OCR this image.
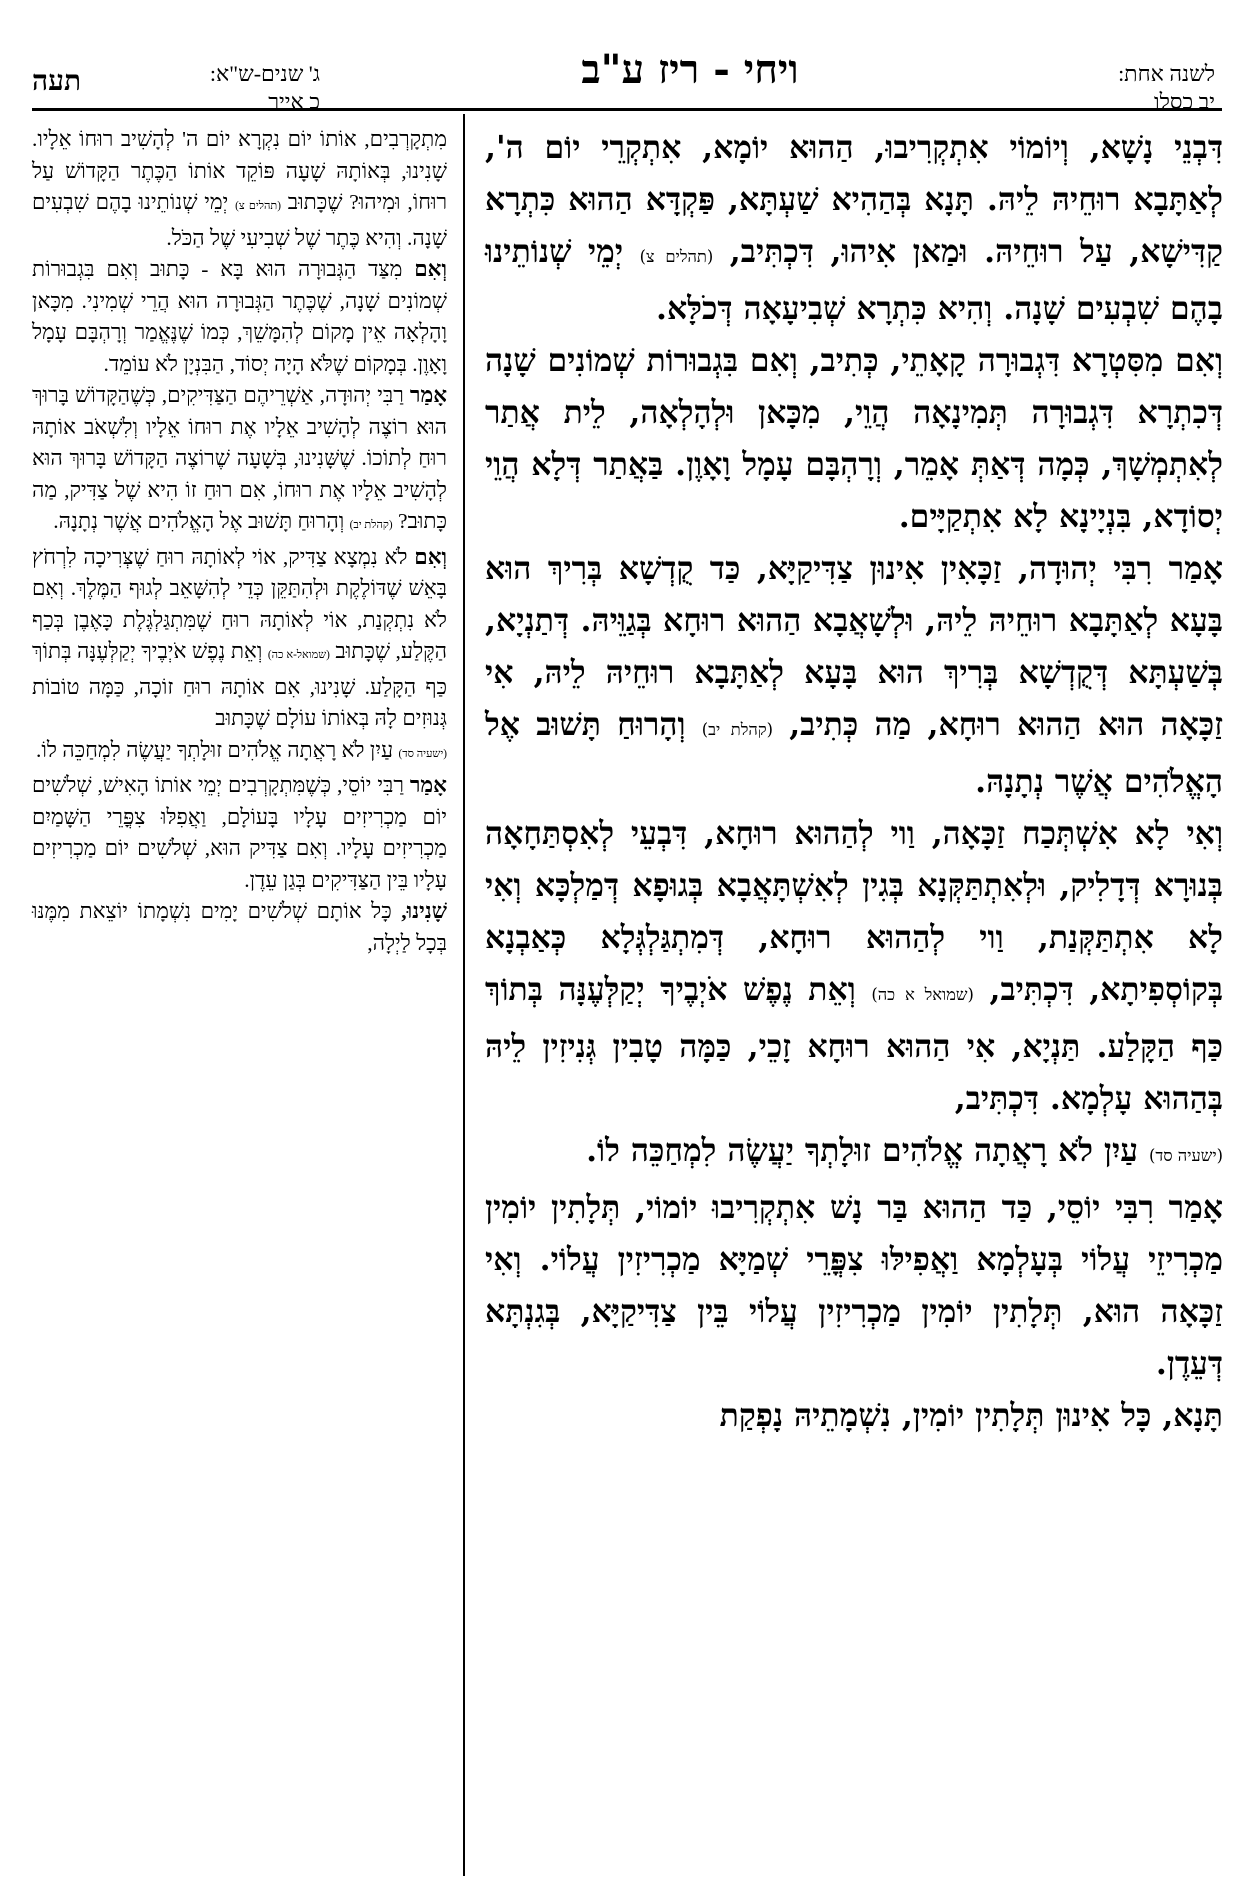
לשנה אחת:
יב כסלו
ויחי - ריז ע"ב
ג' שנים-ש"א:
כ אייר
תעה

דִּבְנֵי נָשָׁא, וְיוֹמוֹי אִתְקְרִיבוּ, הַהוּא יוֹמָא, אִתְקְרֵי יוֹם ה', לְאַתָּבָא רוּחֵיהּ לֵיהּ. תָּנָא בְּהַהִיא שַׁעְתָּא, פַּקְדָּא הַהוּא כִּתְרָא קַדִּישָׁא, עַל רוּחֵיהּ. וּמַאן אִיהוּ, דִּכְתִּיב, (תהלים צ) יְמֵי שְׁנוֹתֵינוּ בָהֶם שִׁבְעִים שָׁנָה. וְהִיא כִּתְרָא שְׁבִיעָאָה דְּכֹלָּא.

וְאִם מִסִּטְרָא דִּגְבוּרָה קָאָתֵי, כְּתִיב, וְאִם בִּגְבוּרוֹת שְׁמוֹנִים שָׁנָה דְּכִתְרָא דִּגְבוּרָה תְּמִינָאָה הֲוֵי, מִכָּאן וּלְהָלְאָה, לֵית אֲתַר לְאִתְמְשָׁךְ, כְּמָה דְּאַתְּ אָמֵר, וְרָהְבָּם עָמָל וָאָוֶן. בַּאֲתַר דְּלָא הֲוֵי יְסוֹדָא, בִּנְיָינָא לָא אִתְקַיָּים.

אָמַר רִבִּי יְהוּדָה, זַכָּאִין אִינוּן צַדִּיקַיָּא, כַּד קֻדְשָׁא בְּרִיךְ הוּא בָּעָא לְאַתָּבָא רוּחֵיהּ לֵיהּ, וּלְשָׁאֲבָא הַהוּא רוּחָא בְּגַוֵּיהּ. דְּתַנְיָא, בְּשַׁעְתָּא דְּקֻדְשָׁא בְּרִיךְ הוּא בָּעָא לְאַתָּבָא רוּחֵיהּ לֵיהּ, אִי זַכָּאָה הוּא הַהוּא רוּחָא, מַה כְּתִיב, (קהלת יב) וְהָרוּחַ תָּשׁוּב אֶל הָאֱלֹהִים אֲשֶׁר נְתָנָהּ.

וְאִי לָא אִשְׁתְּכַח זַכָּאָה, וַוי לְהַהוּא רוּחָא, דִּבְעֵי לְאִסְתַּחָאָה בְּנוּרָא דְּדָלִיק, וּלְאִתְתַּקְּנָא בְּגִין לְאִשְׁתָּאֲבָא בְּגוּפָא דְּמַלְכָּא וְאִי לָא אִתְתַּקְּנַת, וַוי לְהַהוּא רוּחָא, דְּמִתְגַּלְגְּלָא כְּאַבְנָא בְּקוֹסְפִיתָא, דִּכְתִּיב, (שמואל א כה) וְאֵת נֶפֶשׁ אֹיְבֶיךָ יְקַלְּעֶנָּה בְּתוֹךְ כַּף הַקָּלַע. תַּנְיָא, אִי הַהוּא רוּחָא זָכֵי, כַּמָּה טָבִין גְּנִיזִין לֵיהּ בְּהַהוּא עָלְמָא. דִּכְתִּיב,

(ישעיה סד) עַיִן לֹא רָאֲתָה אֱלֹהִים זוּלָתְךָ יַעֲשֶׂה לִמְחַכֵּה לוֹ.

אָמַר רִבִּי יוֹסֵי, כַּד הַהוּא בַּר נָשׁ אִתְקְרִיבוּ יוֹמוֹי, תְּלָתִין יוֹמִין מַכְרִיזֵי עֲלוֹי בְּעָלְמָא וַאֲפִילּוּ צִפֳּרֵי שְׁמַיָּא מַכְרִיזִין עֲלוֹי. וְאִי זַכָּאָה הוּא, תְּלָתִין יוֹמִין מַכְרִיזִין עֲלוֹי בֵּין צַדִּיקַיָּא, בְּגִנְתָּא דְּעֵדֶן.

תָּנָא, כָּל אִינוּן תְּלָתִין יוֹמִין, נִשְׁמָתֵיהּ נָפְקַת

מִתְקָרְבִים, אוֹתוֹ יוֹם נִקְרָא יוֹם ה' לְהָשִׁיב רוּחוֹ אֵלָיו. שָׁנִינוּ, בְּאוֹתָהּ שָׁעָה פּוֹקֵד אוֹתוֹ הַכֶּתֶר הַקָּדוֹשׁ עַל רוּחוֹ, וּמִיהוּ? שֶׁכָּתוּב (תהלים צ) יְמֵי שְׁנוֹתֵינוּ בָהֶם שִׁבְעִים שָׁנָה. וְהִיא כֶּתֶר שֶׁל שְׁבִיעִי שֶׁל הַכֹּל.

וְאִם מִצַּד הַגְּבוּרָה הוּא בָּא - כָּתוּב וְאִם בִּגְבוּרוֹת שְׁמוֹנִים שָׁנָה, שֶׁכֶּתֶר הַגְּבוּרָה הוּא הֲרֵי שְׁמִינִי. מִכָּאן וָהָלְאָה אֵין מָקוֹם לְהִמָּשֵׁךְ, כְּמוֹ שֶׁנֶּאֱמַר וְרָהְבָּם עָמָל וָאָוֶן. בְּמָקוֹם שֶׁלֹּא הָיָה יְסוֹד, הַבִּנְיָן לֹא עוֹמֵד.

אָמַר רַבִּי יְהוּדָה, אַשְׁרֵיהֶם הַצַּדִּיקִים, כְּשֶׁהַקָּדוֹשׁ בָּרוּךְ הוּא רוֹצֶה לְהָשִׁיב אֵלָיו אֶת רוּחוֹ אֵלָיו וְלִשְׁאֹב אוֹתָהּ רוּחַ לְתוֹכוֹ. שֶׁשָּׁנִינוּ, בְּשָׁעָה שֶׁרוֹצֶה הַקָּדוֹשׁ בָּרוּךְ הוּא לְהָשִׁיב אֵלָיו אֶת רוּחוֹ, אִם רוּחַ זוֹ הִיא שֶׁל צַדִּיק, מַה כָּתוּב? (קהלת יב) וְהָרוּחַ תָּשׁוּב אֶל הָאֱלֹהִים אֲשֶׁר נְתָנָהּ.

וְאִם לֹא נִמְצָא צַדִּיק, אוֹי לְאוֹתָהּ רוּחַ שֶׁצְּרִיכָה לִרְחֹץ בָּאֵשׁ שֶׁדּוֹלֶקֶת וּלְהִתַּקֵּן כְּדֵי לְהִשָּׁאֵב לְגוּף הַמֶּלֶךְ. וְאִם לֹא נִתְקְנַת, אוֹי לְאוֹתָהּ רוּחַ שֶׁמִּתְגַּלְגֶּלֶת כָּאֶבֶן בְּכַף הַקֶּלַע, שֶׁכָּתוּב (שמואל-א כה) וְאֵת נֶפֶשׁ אֹיְבֶיךָ יְקַלְּעֶנָּה בְּתוֹךְ כַּף הַקָּלַע. שָׁנִינוּ, אִם אוֹתָהּ רוּחַ זוֹכָה, כַּמָּה טוֹבוֹת גְּנוּזִים לָהּ בְּאוֹתוֹ עוֹלָם שֶׁכָּתוּב

(ישעיה סד) עַיִן לֹא רָאֲתָה אֱלֹהִים זוּלָתְךָ יַעֲשֶׂה לִמְחַכֵּה לוֹ.

אָמַר רַבִּי יוֹסֵי, כְּשֶׁמִּתְקָרְבִים יְמֵי אוֹתוֹ הָאִישׁ, שְׁלֹשִׁים יוֹם מַכְרִיזִים עָלָיו בָּעוֹלָם, וַאֲפִלּוּ צִפֳּרֵי הַשָּׁמַיִם מַכְרִיזִים עָלָיו. וְאִם צַדִּיק הוּא, שְׁלֹשִׁים יוֹם מַכְרִיזִים עָלָיו בֵּין הַצַּדִּיקִים בְּגַן עֵדֶן.

שָׁנִינוּ, כָּל אוֹתָם שְׁלֹשִׁים יָמִים נִשְׁמָתוֹ יוֹצֵאת מִמֶּנּוּ בְּכָל לַיְלָה,
